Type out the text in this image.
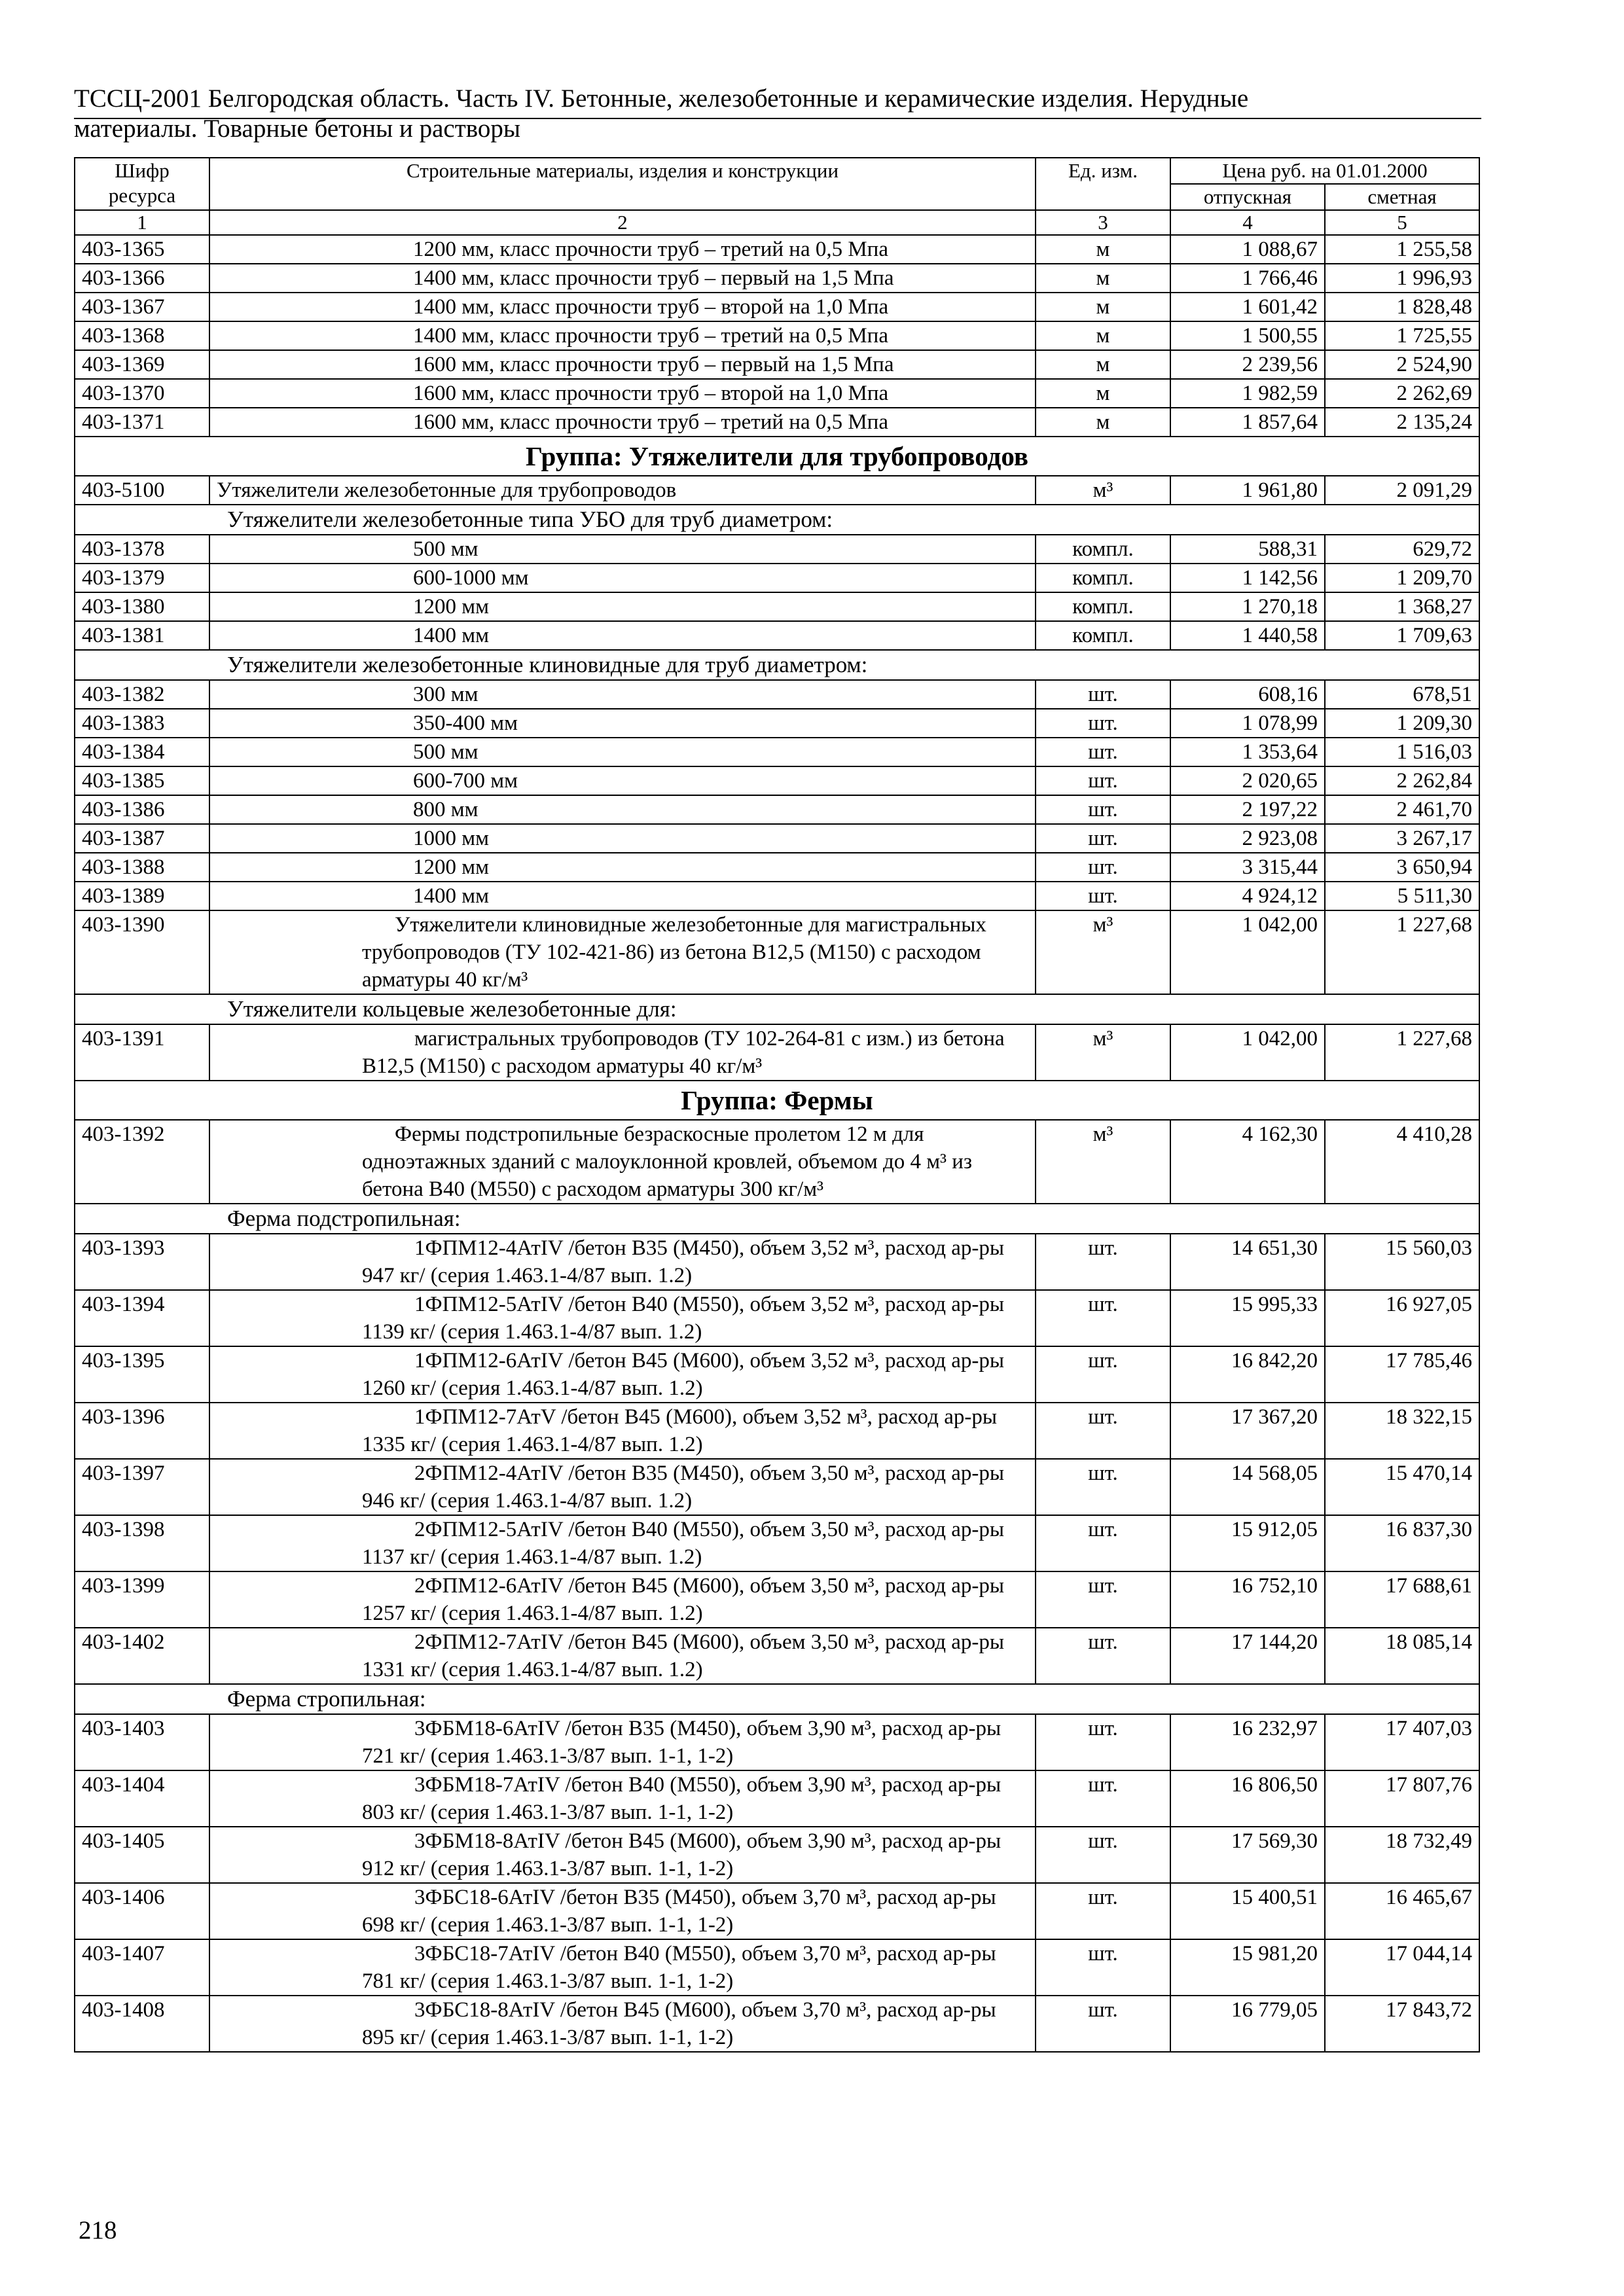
ТССЦ-2001 Белгородская область. Часть IV. Бетонные, железобетонные и керамические изделия. Нерудные
материалы. Товарные бетоны и растворы
Шифр ресурса	Строительные материалы, изделия и конструкции	Ед. изм.	Цена руб. на 01.01.2000	
			отпускная	сметная
1	2	3	4	5
403-1365	1200 мм, класс прочности труб – третий на 0,5 Мпа	м	1 088,67	1 255,58
403-1366	1400 мм, класс прочности труб – первый на 1,5 Мпа	м	1 766,46	1 996,93
403-1367	1400 мм, класс прочности труб – второй на 1,0 Мпа	м	1 601,42	1 828,48
403-1368	1400 мм, класс прочности труб – третий на 0,5 Мпа	м	1 500,55	1 725,55
403-1369	1600 мм, класс прочности труб – первый на 1,5 Мпа	м	2 239,56	2 524,90
403-1370	1600 мм, класс прочности труб – второй на 1,0 Мпа	м	1 982,59	2 262,69
403-1371	1600 мм, класс прочности труб – третий на 0,5 Мпа	м	1 857,64	2 135,24
Группа: Утяжелители для трубопроводов				
403-5100	Утяжелители железобетонные для трубопроводов	м³	1 961,80	2 091,29
Утяжелители железобетонные типа УБО для труб диаметром:				
403-1378	500 мм	компл.	588,31	629,72
403-1379	600-1000 мм	компл.	1 142,56	1 209,70
403-1380	1200 мм	компл.	1 270,18	1 368,27
403-1381	1400 мм	компл.	1 440,58	1 709,63
Утяжелители железобетонные клиновидные для труб диаметром:				
403-1382	300 мм	шт.	608,16	678,51
403-1383	350-400 мм	шт.	1 078,99	1 209,30
403-1384	500 мм	шт.	1 353,64	1 516,03
403-1385	600-700 мм	шт.	2 020,65	2 262,84
403-1386	800 мм	шт.	2 197,22	2 461,70
403-1387	1000 мм	шт.	2 923,08	3 267,17
403-1388	1200 мм	шт.	3 315,44	3 650,94
403-1389	1400 мм	шт.	4 924,12	5 511,30
403-1390	Утяжелители клиновидные железобетонные для магистральных трубопроводов (ТУ 102-421-86) из бетона В12,5 (М150) с расходом арматуры 40 кг/м³	м³	1 042,00	1 227,68
Утяжелители кольцевые железобетонные для:				
403-1391	магистральных трубопроводов (ТУ 102-264-81 с изм.) из бетона В12,5 (М150) с расходом арматуры 40 кг/м³	м³	1 042,00	1 227,68
Группа: Фермы				
403-1392	Фермы подстропильные безраскосные пролетом 12 м для одноэтажных зданий с малоуклонной кровлей, объемом до 4 м³ из бетона В40 (М550) с расходом арматуры 300 кг/м³	м³	4 162,30	4 410,28
Ферма подстропильная:				
403-1393	1ФПМ12-4АтIV /бетон В35 (М450), объем 3,52 м³, расход ар-ры 947 кг/ (серия 1.463.1-4/87 вып. 1.2)	шт.	14 651,30	15 560,03
403-1394	1ФПМ12-5АтIV /бетон В40 (М550), объем 3,52 м³, расход ар-ры 1139 кг/ (серия 1.463.1-4/87 вып. 1.2)	шт.	15 995,33	16 927,05
403-1395	1ФПМ12-6АтIV /бетон В45 (М600), объем 3,52 м³, расход ар-ры 1260 кг/ (серия 1.463.1-4/87 вып. 1.2)	шт.	16 842,20	17 785,46
403-1396	1ФПМ12-7АтV /бетон В45 (М600), объем 3,52 м³, расход ар-ры 1335 кг/ (серия 1.463.1-4/87 вып. 1.2)	шт.	17 367,20	18 322,15
403-1397	2ФПМ12-4АтIV /бетон В35 (М450), объем 3,50 м³, расход ар-ры 946 кг/ (серия 1.463.1-4/87 вып. 1.2)	шт.	14 568,05	15 470,14
403-1398	2ФПМ12-5АтIV /бетон В40 (М550), объем 3,50 м³, расход ар-ры 1137 кг/ (серия 1.463.1-4/87 вып. 1.2)	шт.	15 912,05	16 837,30
403-1399	2ФПМ12-6АтIV /бетон В45 (М600), объем 3,50 м³, расход ар-ры 1257 кг/ (серия 1.463.1-4/87 вып. 1.2)	шт.	16 752,10	17 688,61
403-1402	2ФПМ12-7АтIV /бетон В45 (М600), объем 3,50 м³, расход ар-ры 1331 кг/ (серия 1.463.1-4/87 вып. 1.2)	шт.	17 144,20	18 085,14
Ферма стропильная:				
403-1403	3ФБМ18-6АтIV /бетон В35 (М450), объем 3,90 м³, расход ар-ры 721 кг/ (серия 1.463.1-3/87 вып. 1-1, 1-2)	шт.	16 232,97	17 407,03
403-1404	3ФБМ18-7АтIV /бетон В40 (М550), объем 3,90 м³, расход ар-ры 803 кг/ (серия 1.463.1-3/87 вып. 1-1, 1-2)	шт.	16 806,50	17 807,76
403-1405	3ФБМ18-8АтIV /бетон В45 (М600), объем 3,90 м³, расход ар-ры 912 кг/ (серия 1.463.1-3/87 вып. 1-1, 1-2)	шт.	17 569,30	18 732,49
403-1406	3ФБС18-6АтIV /бетон В35 (М450), объем 3,70 м³, расход ар-ры 698 кг/ (серия 1.463.1-3/87 вып. 1-1, 1-2)	шт.	15 400,51	16 465,67
403-1407	3ФБС18-7АтIV /бетон В40 (М550), объем 3,70 м³, расход ар-ры 781 кг/ (серия 1.463.1-3/87 вып. 1-1, 1-2)	шт.	15 981,20	17 044,14
403-1408	3ФБС18-8АтIV /бетон В45 (М600), объем 3,70 м³, расход ар-ры 895 кг/ (серия 1.463.1-3/87 вып. 1-1, 1-2)	шт.	16 779,05	17 843,72
218
